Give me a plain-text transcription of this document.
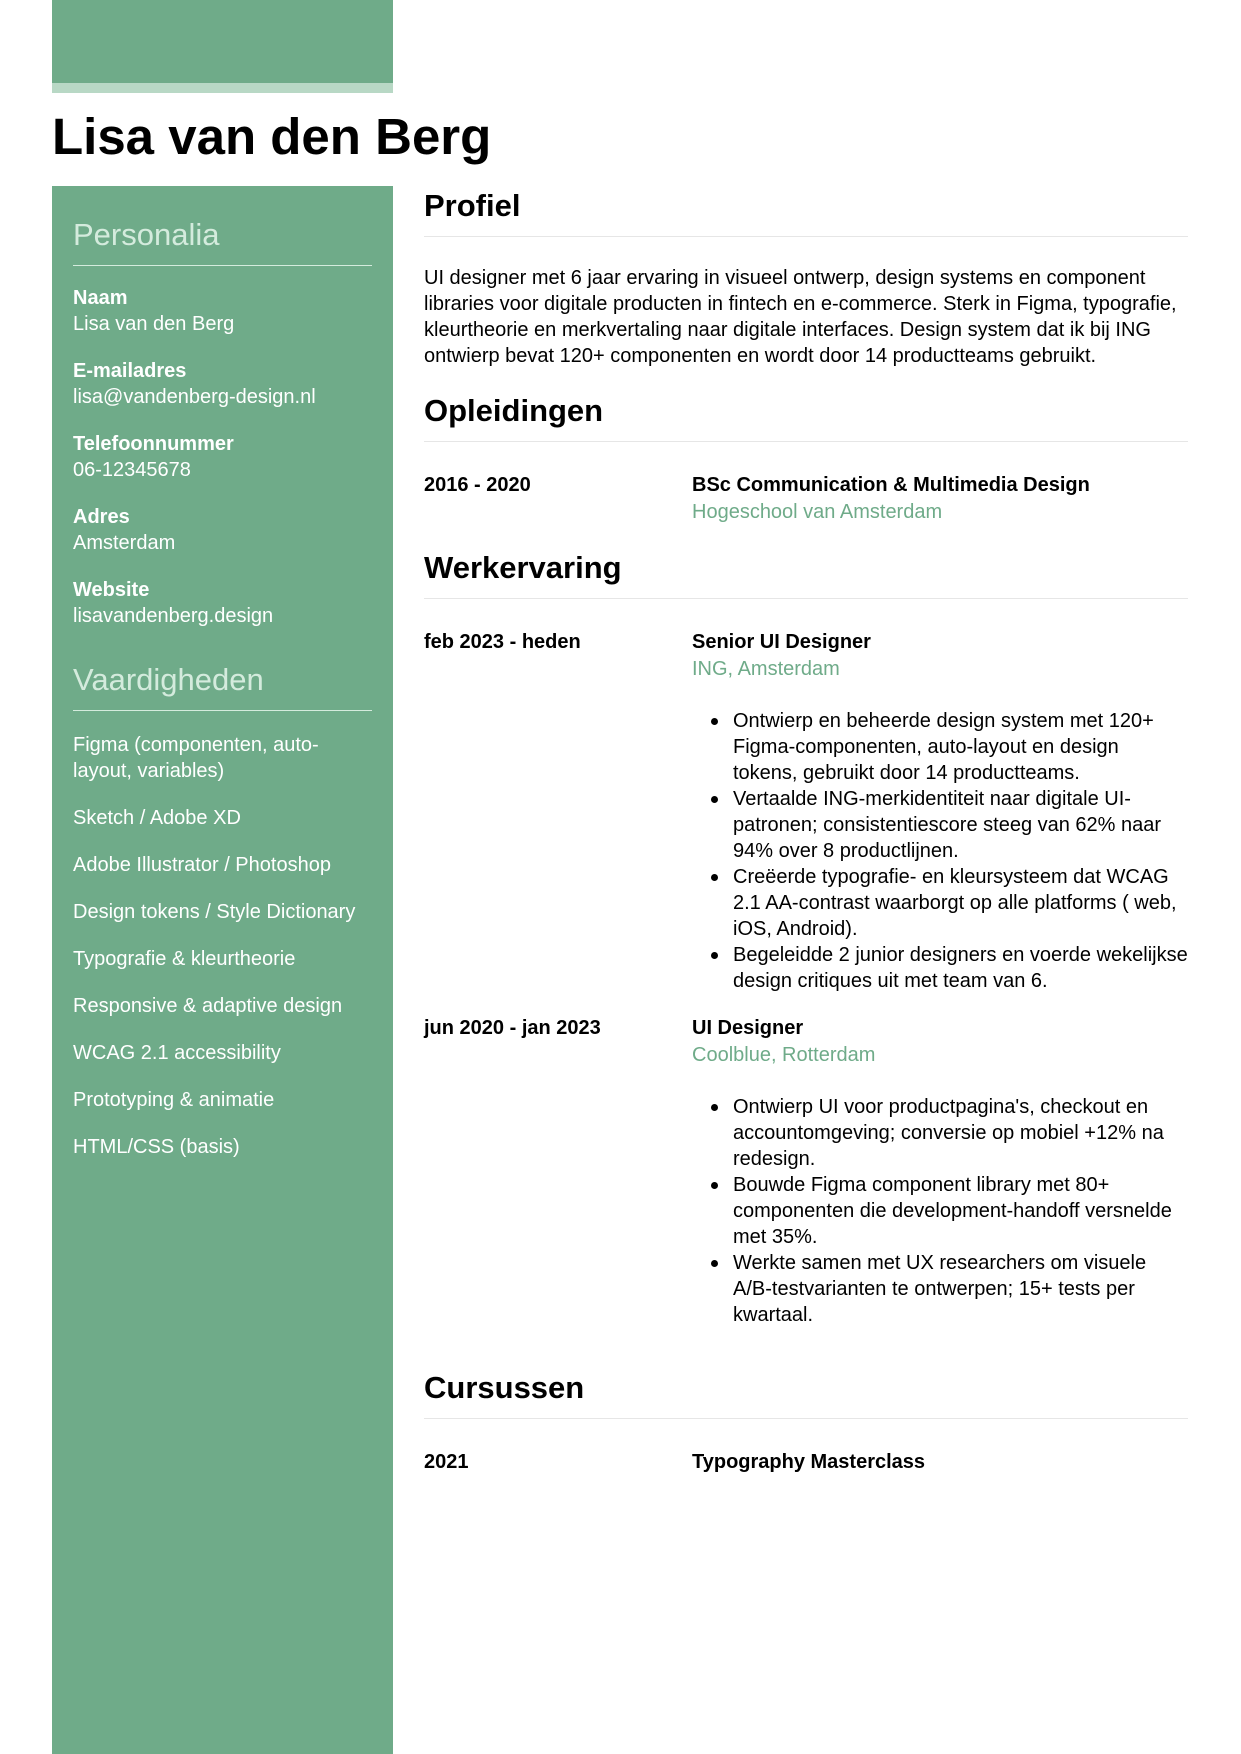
Lisa van den Berg
Personalia
Naam
Lisa van den Berg
E-mailadres
lisa@vandenberg-design.nl
Telefoonnummer
06-12345678
Adres
Amsterdam
Website
lisavandenberg.design
Vaardigheden
Figma (componenten, auto-layout, variables)
Sketch / Adobe XD
Adobe Illustrator / Photoshop
Design tokens / Style Dictionary
Typografie & kleurtheorie
Responsive & adaptive design
WCAG 2.1 accessibility
Prototyping & animatie
HTML/CSS (basis)
Profiel

UI designer met 6 jaar ervaring in visueel ontwerp, design systems en component libraries voor digitale producten in fintech en e-commerce. Sterk in Figma, typografie, kleurtheorie en merkvertaling naar digitale interfaces. Design system dat ik bij ING ontwierp bevat 120+ componenten en wordt door 14 productteams gebruikt.

Opleidingen
2016 - 2020	BSc Communication & Multimedia Design
Hogeschool van Amsterdam
Werkervaring
feb 2023 - heden	Senior UI Designer
ING, Amsterdam
Ontwierp en beheerde design system met 120+ Figma-componenten, auto-layout en design tokens, gebruikt door 14 productteams.
Vertaalde ING-merkidentiteit naar digitale UI-patronen; consistentiescore steeg van 62% naar 94% over 8 productlijnen.
Creëerde typografie- en kleursysteem dat WCAG 2.1 AA-contrast waarborgt op alle platforms ( web, iOS, Android).
Begeleidde 2 junior designers en voerde wekelijkse design critiques uit met team van 6.
jun 2020 - jan 2023	UI Designer
Coolblue, Rotterdam
Ontwierp UI voor productpagina's, checkout en accountomgeving; conversie op mobiel +12% na redesign.
Bouwde Figma component library met 80+ componenten die development-handoff versnelde met 35%.
Werkte samen met UX researchers om visuele A/B-testvarianten te ontwerpen; 15+ tests per kwartaal.
Cursussen
2021	Typography Masterclass
